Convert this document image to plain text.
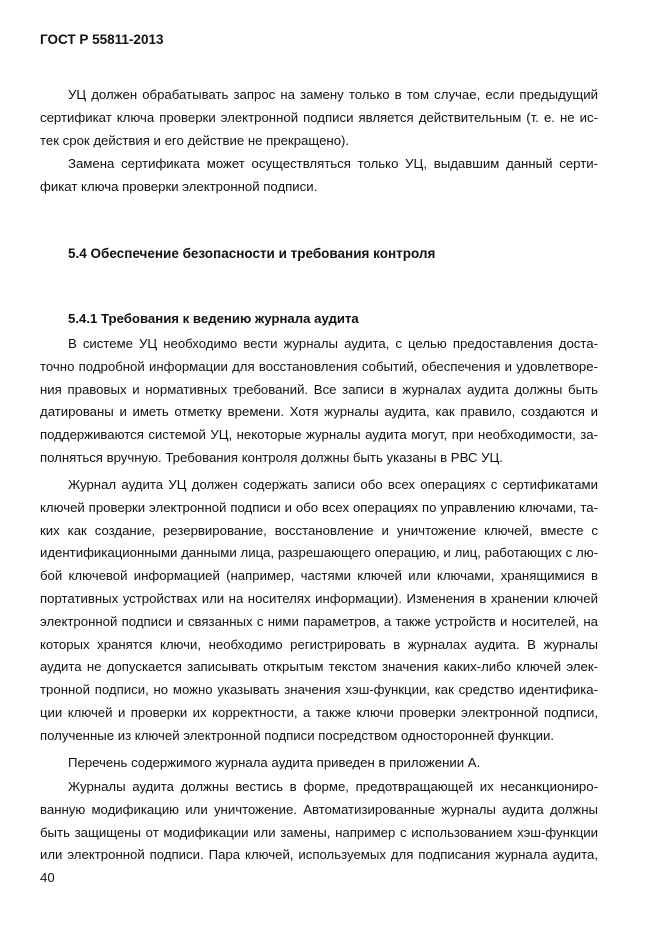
ГОСТ Р 55811-2013
УЦ должен обрабатывать запрос на замену только в том случае, если предыдущий
сертификат ключа проверки электронной подписи является действительным (т. е. не ис-
тек срок действия и его действие не прекращено).
Замена сертификата может осуществляться только УЦ, выдавшим данный серти-
фикат ключа проверки электронной подписи.
5.4 Обеспечение безопасности и требования контроля
5.4.1 Требования к ведению журнала аудита
В системе УЦ необходимо вести журналы аудита, с целью предоставления доста-
точно подробной информации для восстановления событий, обеспечения и удовлетворе-
ния правовых и нормативных требований. Все записи в журналах аудита должны быть
датированы и иметь отметку времени. Хотя журналы аудита, как правило, создаются и
поддерживаются системой УЦ, некоторые журналы аудита могут, при необходимости, за-
полняться вручную. Требования контроля должны быть указаны в РВС УЦ.
Журнал аудита УЦ должен содержать записи обо всех операциях с сертификатами
ключей проверки электронной подписи и обо всех операциях по управлению ключами, та-
ких как создание, резервирование, восстановление и уничтожение ключей, вместе с
идентификационными данными лица, разрешающего операцию, и лиц, работающих с лю-
бой ключевой информацией (например, частями ключей или ключами, хранящимися в
портативных устройствах или на носителях информации). Изменения в хранении ключей
электронной подписи и связанных с ними параметров, а также устройств и носителей, на
которых хранятся ключи, необходимо регистрировать в журналах аудита. В журналы
аудита не допускается записывать открытым текстом значения каких-либо ключей элек-
тронной подписи, но можно указывать значения хэш-функции, как средство идентифика-
ции ключей и проверки их корректности, а также ключи проверки электронной подписи,
полученные из ключей электронной подписи посредством односторонней функции.
Перечень содержимого журнала аудита приведен в приложении А.
Журналы аудита должны вестись в форме, предотвращающей их несанкциониро-
ванную модификацию или уничтожение. Автоматизированные журналы аудита должны
быть защищены от модификации или замены, например с использованием хэш-функции
или электронной подписи. Пара ключей, используемых для подписания журнала аудита,
40
